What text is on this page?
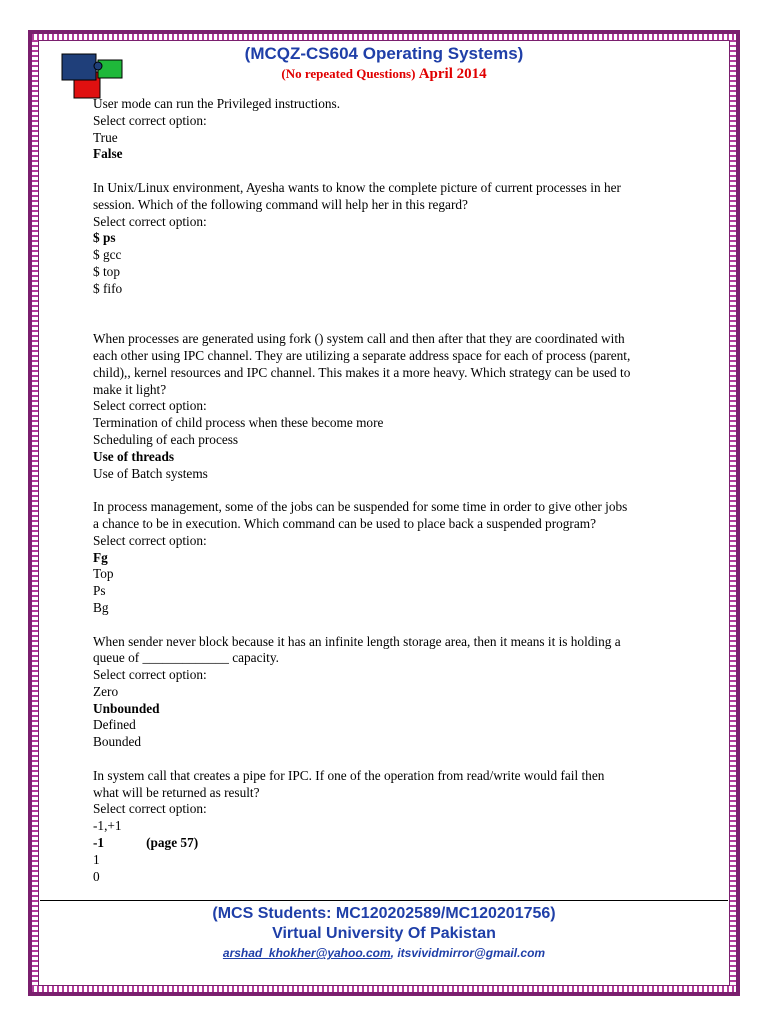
(MCQZ-CS604 Operating Systems)
(No repeated Questions) April 2014
User mode can run the Privileged instructions.
Select correct option:
True
False
In Unix/Linux environment, Ayesha wants to know the complete picture of current processes in her
session. Which of the following command will help her in this regard?
Select correct option:
$ ps
$ gcc
$ top
$ fifo
When processes are generated using fork () system call and then after that they are coordinated with
each other using IPC channel. They are utilizing a separate address space for each of process (parent,
child),, kernel resources and IPC channel. This makes it a more heavy. Which strategy can be used to
make it light?
Select correct option:
Termination of child process when these become more
Scheduling of each process
Use of threads
Use of Batch systems
In process management, some of the jobs can be suspended for some time in order to give other jobs
a chance to be in execution. Which command can be used to place back a suspended program?
Select correct option:
Fg
Top
Ps
Bg
When sender never block because it has an infinite length storage area, then it means it is holding a
queue of _____________ capacity.
Select correct option:
Zero
Unbounded
Defined
Bounded
In system call that creates a pipe for IPC. If one of the operation from read/write would fail then
what will be returned as result?
Select correct option:
-1,+1
-1	(page 57)
1
0
(MCS Students: MC120202589/MC120201756)
Virtual University Of Pakistan
arshad_khokher@yahoo.com, itsvividmirror@gmail.com
